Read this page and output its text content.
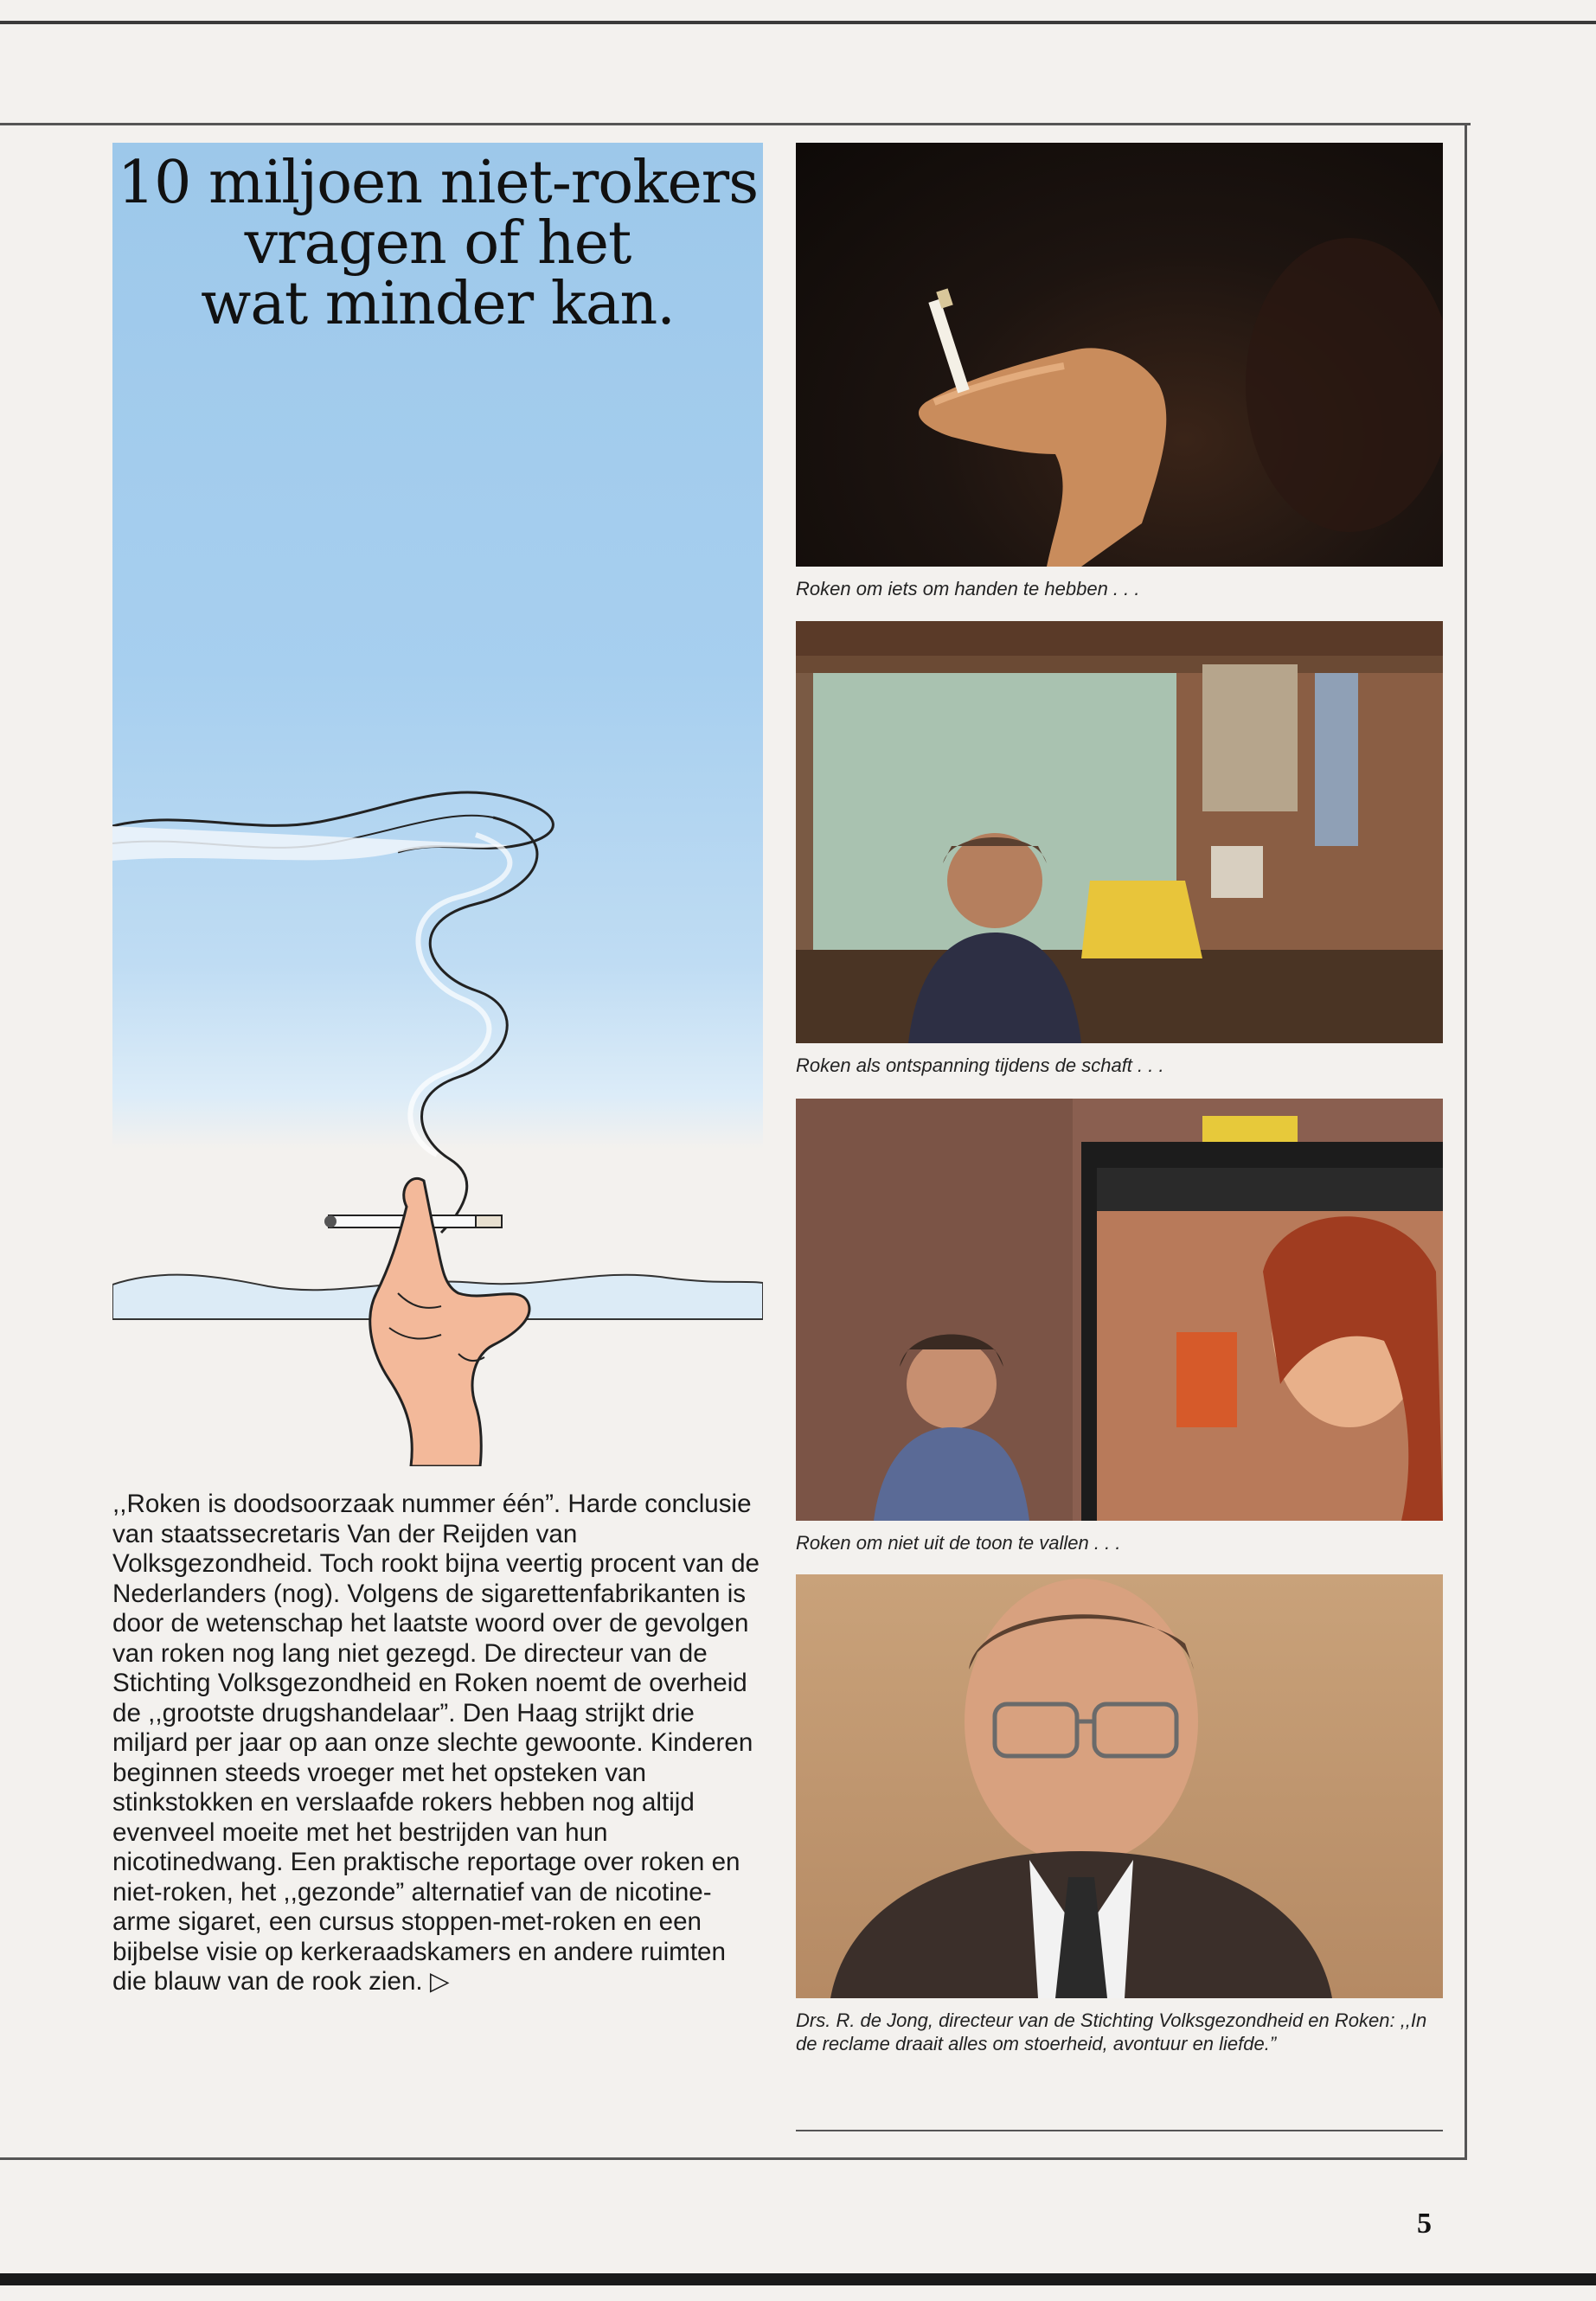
10 miljoen niet-rokers
vragen of het
wat minder kan.

,,Roken is doodsoorzaak nummer één”. Harde conclusie van staatssecretaris Van der Reijden van Volksgezondheid. Toch rookt bijna veertig procent van de Nederlanders (nog). Volgens de sigarettenfabrikanten is door de wetenschap het laatste woord over de gevolgen van roken nog lang niet gezegd. De directeur van de Stichting Volksgezondheid en Roken noemt de overheid de ,,grootste drugshandelaar”. Den Haag strijkt drie miljard per jaar op aan onze slechte gewoonte. Kinderen beginnen steeds vroeger met het opsteken van stinkstokken en verslaafde rokers hebben nog altijd evenveel moeite met het bestrijden van hun nicotinedwang. Een praktische reportage over roken en niet-roken, het ,,gezonde” alternatief van de nicotine-arme sigaret, een cursus stoppen-met-roken en een bijbelse visie op kerkeraadskamers en andere ruimten die blauw van de rook zien. ▷

Roken om iets om handen te hebben . . .
Roken als ontspanning tijdens de schaft . . .
Roken om niet uit de toon te vallen . . .
Drs. R. de Jong, directeur van de Stichting Volksgezondheid en Roken: ,,In de reclame draait alles om stoerheid, avontuur en liefde.”
5
